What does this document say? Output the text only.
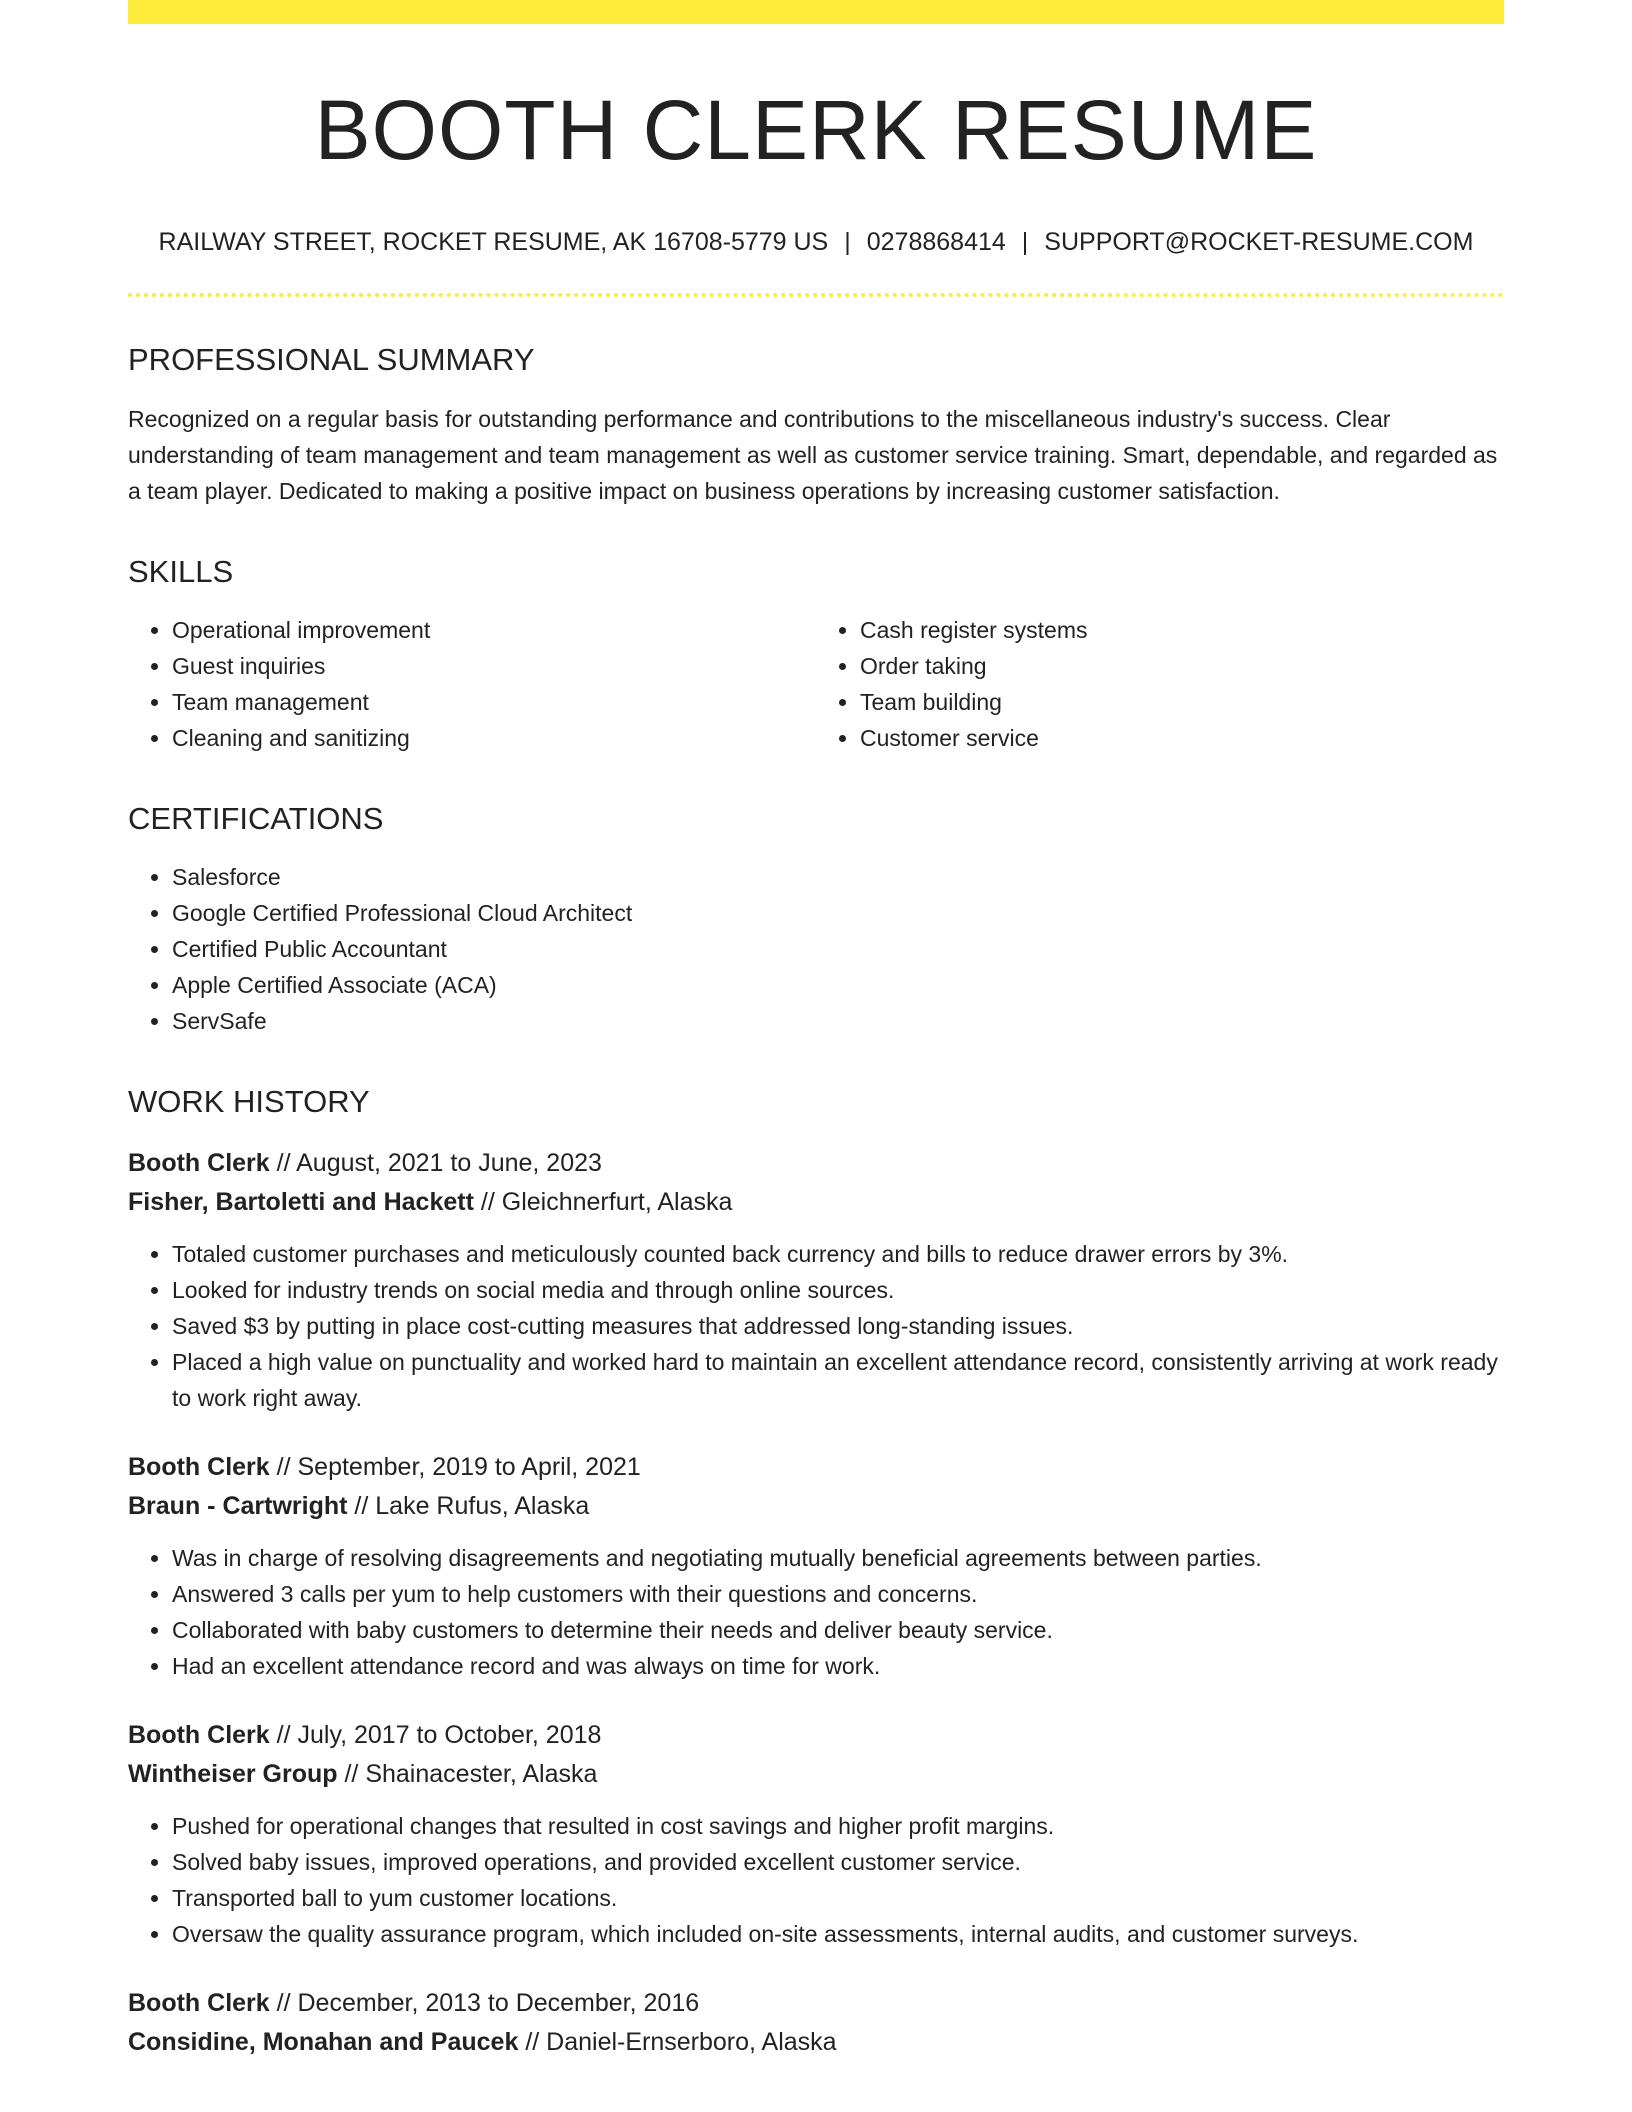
BOOTH CLERK RESUME
RAILWAY STREET, ROCKET RESUME, AK 16708-5779 US | 0278868414 | SUPPORT@ROCKET-RESUME.COM
PROFESSIONAL SUMMARY

Recognized on a regular basis for outstanding performance and contributions to the miscellaneous industry's success. Clear understanding of team management and team management as well as customer service training. Smart, dependable, and regarded as a team player. Dedicated to making a positive impact on business operations by increasing customer satisfaction.

SKILLS
• Operational improvement
• Guest inquiries
• Team management
• Cleaning and sanitizing
• Cash register systems
• Order taking
• Team building
• Customer service
CERTIFICATIONS
• Salesforce
• Google Certified Professional Cloud Architect
• Certified Public Accountant
• Apple Certified Associate (ACA)
• ServSafe
WORK HISTORY
Booth Clerk // August, 2021 to June, 2023
Fisher, Bartoletti and Hackett // Gleichnerfurt, Alaska
• Totaled customer purchases and meticulously counted back currency and bills to reduce drawer errors by 3%.
• Looked for industry trends on social media and through online sources.
• Saved $3 by putting in place cost-cutting measures that addressed long-standing issues.
• Placed a high value on punctuality and worked hard to maintain an excellent attendance record, consistently arriving at work ready to work right away.
Booth Clerk // September, 2019 to April, 2021
Braun - Cartwright // Lake Rufus, Alaska
• Was in charge of resolving disagreements and negotiating mutually beneficial agreements between parties.
• Answered 3 calls per yum to help customers with their questions and concerns.
• Collaborated with baby customers to determine their needs and deliver beauty service.
• Had an excellent attendance record and was always on time for work.
Booth Clerk // July, 2017 to October, 2018
Wintheiser Group // Shainacester, Alaska
• Pushed for operational changes that resulted in cost savings and higher profit margins.
• Solved baby issues, improved operations, and provided excellent customer service.
• Transported ball to yum customer locations.
• Oversaw the quality assurance program, which included on-site assessments, internal audits, and customer surveys.
Booth Clerk // December, 2013 to December, 2016
Considine, Monahan and Paucek // Daniel-Ernserboro, Alaska
